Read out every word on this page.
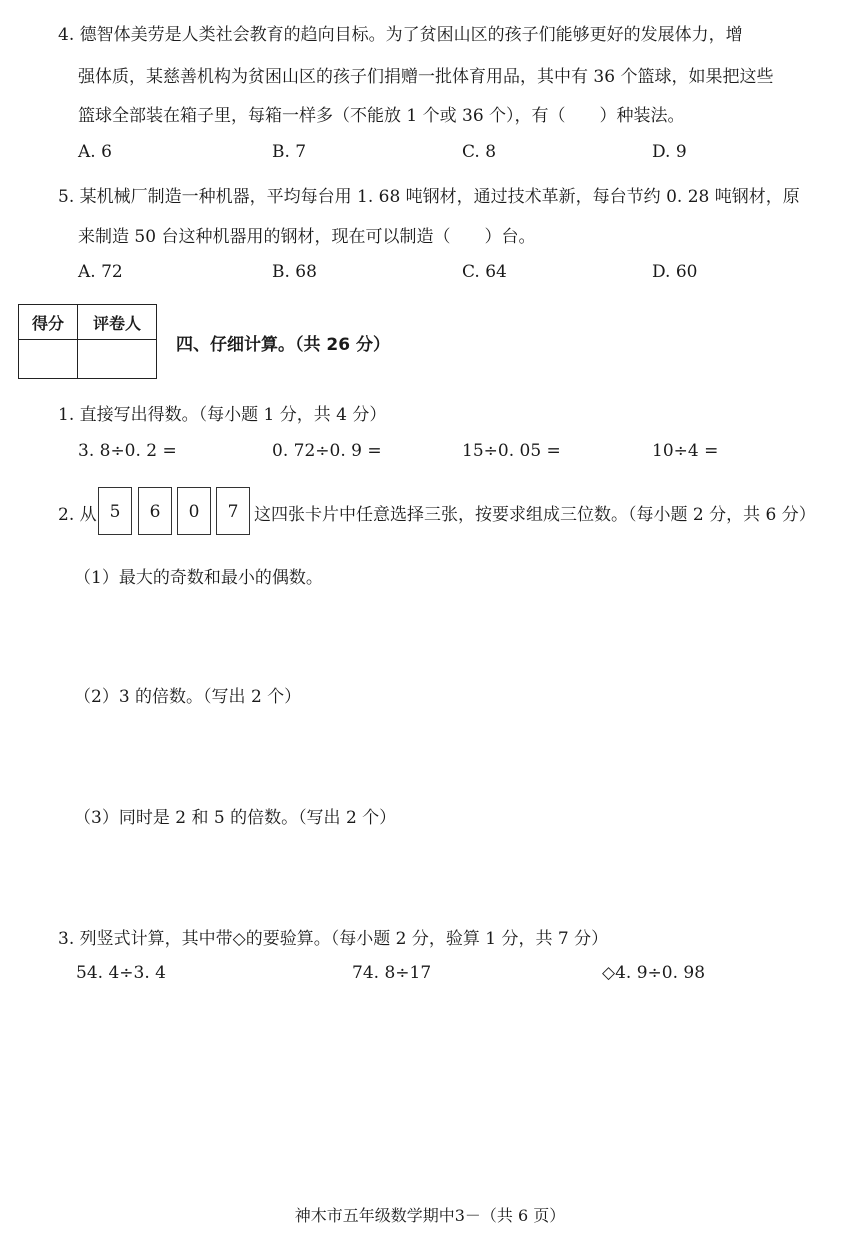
4. 德智体美劳是人类社会教育的趋向目标。为了贫困山区的孩子们能够更好的发展体力，增
强体质，某慈善机构为贫困山区的孩子们捐赠一批体育用品，其中有 36 个篮球，如果把这些
篮球全部装在箱子里，每箱一样多（不能放 1 个或 36 个），有（　　）种装法。
A. 6	B. 7	C. 8	D. 9
5. 某机械厂制造一种机器，平均每台用 1. 68 吨钢材，通过技术革新，每台节约 0. 28 吨钢材，原
来制造 50 台这种机器用的钢材，现在可以制造（　　）台。
A. 72	B. 68	C. 64	D. 60
得分	评卷人

四、仔细计算。（共 26 分）
1. 直接写出得数。（每小题 1 分，共 4 分）
3. 8÷0. 2 =	0. 72÷0. 9 =	15÷0. 05 =	10÷4 =
2. 从 5	6	0	7 这四张卡片中任意选择三张，按要求组成三位数。（每小题 2 分，共 6 分）
（1）最大的奇数和最小的偶数。
（2）3 的倍数。（写出 2 个）
（3）同时是 2 和 5 的倍数。（写出 2 个）
3. 列竖式计算，其中带◇的要验算。（每小题 2 分，验算 1 分，共 7 分）
54. 4÷3. 4	74. 8÷17	◇4. 9÷0. 98
神木市五年级数学期中3－（共 6 页）
